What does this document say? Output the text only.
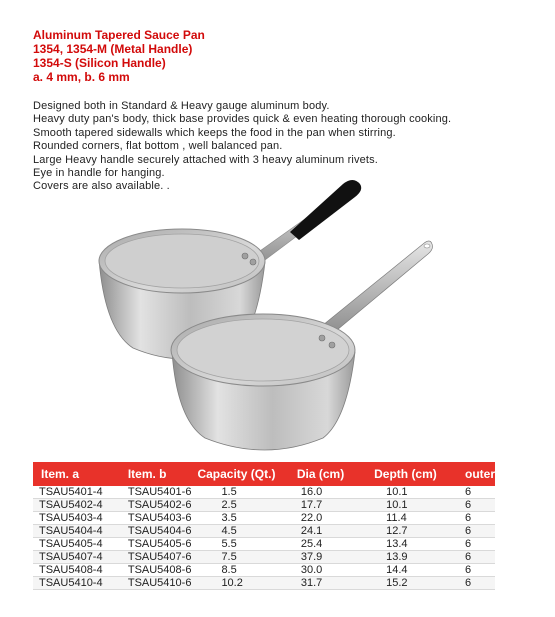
Aluminum Tapered Sauce Pan
1354, 1354-M (Metal Handle)
1354-S (Silicon Handle)
a. 4 mm, b. 6 mm
Designed both in Standard & Heavy gauge aluminum body.
Heavy duty pan's body, thick base provides quick & even heating thorough cooking.
Smooth tapered sidewalls which keeps the food in the pan when stirring.
Rounded corners, flat bottom , well balanced pan.
Large Heavy handle securely attached with 3 heavy aluminum rivets.
Eye in handle for hanging.
Covers are also available. .
Item. a	Item. b	Capacity (Qt.)	Dia (cm)	Depth (cm)	outer
TSAU5401-4	TSAU5401-6	1.5	16.0	10.1	6
TSAU5402-4	TSAU5402-6	2.5	17.7	10.1	6
TSAU5403-4	TSAU5403-6	3.5	22.0	11.4	6
TSAU5404-4	TSAU5404-6	4.5	24.1	12.7	6
TSAU5405-4	TSAU5405-6	5.5	25.4	13.4	6
TSAU5407-4	TSAU5407-6	7.5	37.9	13.9	6
TSAU5408-4	TSAU5408-6	8.5	30.0	14.4	6
TSAU5410-4	TSAU5410-6	10.2	31.7	15.2	6
